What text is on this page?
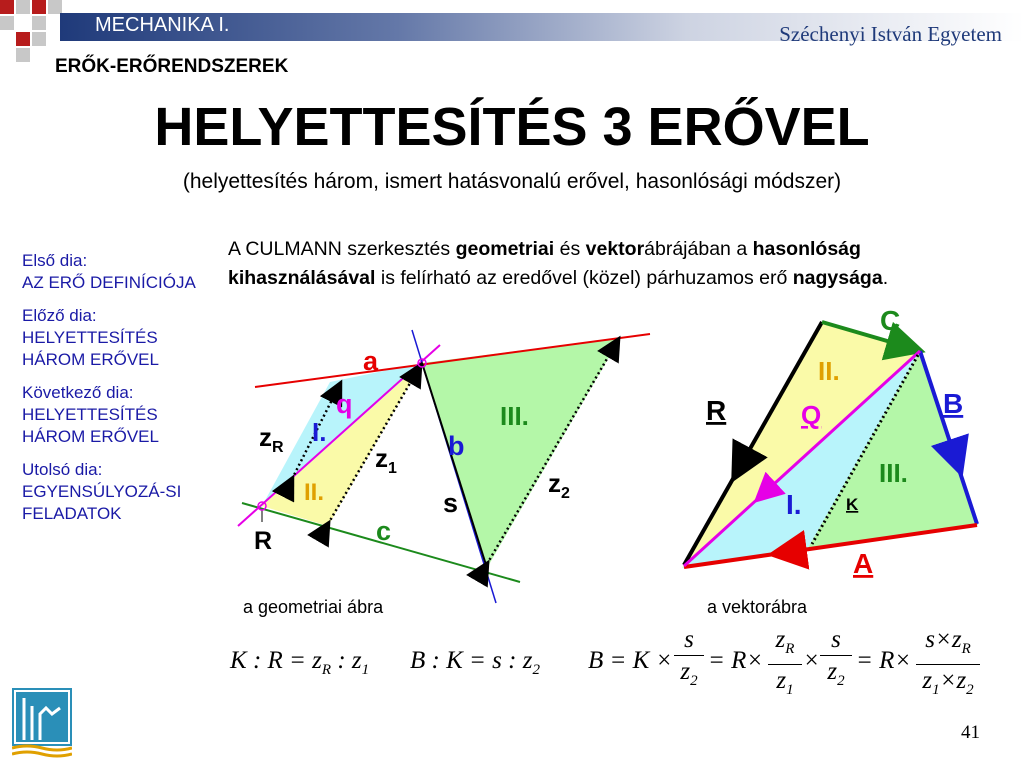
MECHANIKA I.	Széchenyi István Egyetem
ERŐK-ERŐRENDSZEREK
HELYETTESÍTÉS 3 ERŐVEL
(helyettesítés három, ismert hatásvonalú erővel, hasonlósági módszer)
Első dia:
AZ ERŐ DEFINÍCIÓJA
Előző dia:
HELYETTESÍTÉS HÁROM ERŐVEL
Következő dia:
HELYETTESÍTÉS HÁROM ERŐVEL
Utolsó dia:
EGYENSÚLYOZÁ-SI FELADATOK
A CULMANN szerkesztés geometriai és vektorábrájában a hasonlóság kihasználásával is felírható az eredővel (közel) párhuzamos erő nagysága.
a
q
b
c
s
R
I.
II.
III.
$z_R$	$z_1$	$z_2$
C
II.
R	Q	B
III.
I.	K
A
a geometriai ábra	a vektorábra
K : $R = z_R$ : $z_1$ B : K = s : $z_2$ $B = K \times \frac{s}{z_2} = R\times \frac{z_R}{z_1} \times \frac{s}{z_2} = R\times \frac{s\times z_R}{z_1\times z_2}$
41
